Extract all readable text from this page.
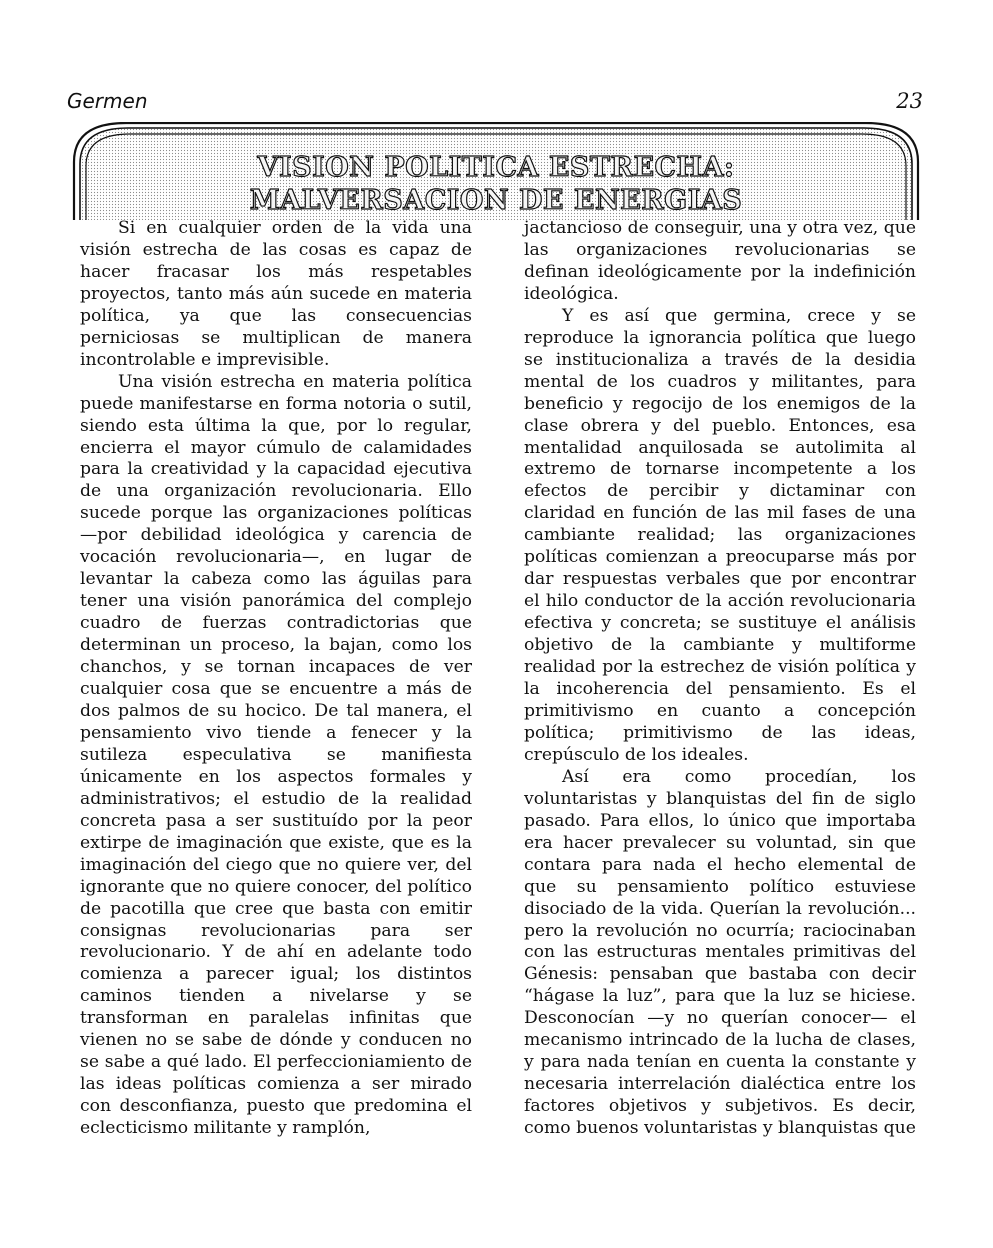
Germen	23
VISION POLITICA ESTRECHA:
MALVERSACION DE ENERGIAS

Si en cualquier orden de la vida una visión estrecha de las cosas es capaz de hacer fracasar los más respetables proyectos, tanto más aún sucede en materia política, ya que las consecuencias perniciosas se multiplican de manera incontrolable e imprevisible.

Una visión estrecha en materia política puede manifestarse en forma notoria o sutil, siendo esta última la que, por lo regular, encierra el mayor cúmulo de calamidades para la creatividad y la capacidad ejecutiva de una organización revolucionaria. Ello sucede porque las organizaciones políticas —por debilidad ideológica y carencia de vocación revolucionaria—, en lugar de levantar la cabeza como las águilas para tener una visión panorámica del complejo cuadro de fuerzas contradictorias que determinan un proceso, la bajan, como los chanchos, y se tornan incapaces de ver cualquier cosa que se encuentre a más de dos palmos de su hocico. De tal manera, el pensamiento vivo tiende a fenecer y la sutileza especulativa se manifiesta únicamente en los aspectos formales y administrativos; el estudio de la realidad concreta pasa a ser sustituído por la peor extirpe de imaginación que existe, que es la imaginación del ciego que no quiere ver, del ignorante que no quiere conocer, del político de pacotilla que cree que basta con emitir consignas revolucionarias para ser revolucionario. Y de ahí en adelante todo comienza a parecer igual; los distintos caminos tienden a nivelarse y se transforman en paralelas infinitas que vienen no se sabe de dónde y conducen no se sabe a qué lado. El perfeccioniamiento de las ideas políticas comienza a ser mirado con desconfianza, puesto que predomina el eclecticismo militante y ramplón,

jactancioso de conseguir, una y otra vez, que las organizaciones revolucionarias se definan ideológicamente por la indefinición ideológica.

Y es así que germina, crece y se reproduce la ignorancia política que luego se institucionaliza a través de la desidia mental de los cuadros y militantes, para beneficio y regocijo de los enemigos de la clase obrera y del pueblo. Entonces, esa mentalidad anquilosada se autolimita al extremo de tornarse incompetente a los efectos de percibir y dictaminar con claridad en función de las mil fases de una cambiante realidad; las organizaciones políticas comienzan a preocuparse más por dar respuestas verbales que por encontrar el hilo conductor de la acción revolucionaria efectiva y concreta; se sustituye el análisis objetivo de la cambiante y multiforme realidad por la estrechez de visión política y la incoherencia del pensamiento. Es el primitivismo en cuanto a concepción política; primitivismo de las ideas, crepúsculo de los ideales.

Así era como procedían, los voluntaristas y blanquistas del fin de siglo pasado. Para ellos, lo único que importaba era hacer prevalecer su voluntad, sin que contara para nada el hecho elemental de que su pensamiento político estuviese disociado de la vida. Querían la revolución... pero la revolución no ocurría; raciocinaban con las estructuras mentales primitivas del Génesis: pensaban que bastaba con decir “hágase la luz”, para que la luz se hiciese. Desconocían —y no querían conocer— el mecanismo intrincado de la lucha de clases, y para nada tenían en cuenta la constante y necesaria interrelación dialéctica entre los factores objetivos y subjetivos. Es decir, como buenos voluntaristas y blanquistas que
